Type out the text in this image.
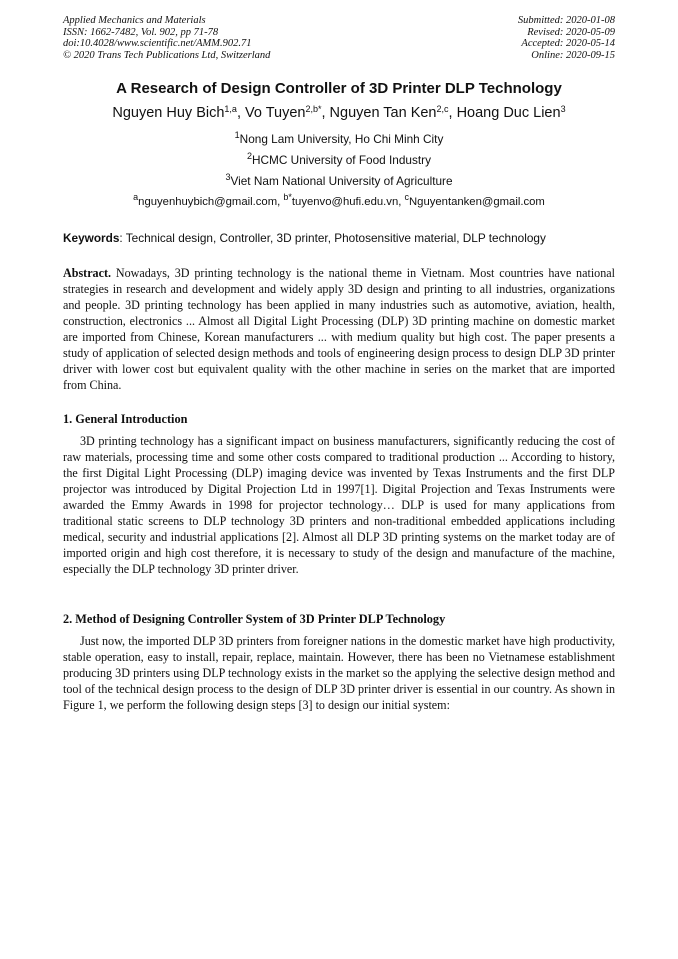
Applied Mechanics and Materials
ISSN: 1662-7482, Vol. 902, pp 71-78
doi:10.4028/www.scientific.net/AMM.902.71
© 2020 Trans Tech Publications Ltd, Switzerland
Submitted: 2020-01-08
Revised: 2020-05-09
Accepted: 2020-05-14
Online: 2020-09-15
A Research of Design Controller of 3D Printer DLP Technology
Nguyen Huy Bich$^{1,a}$, Vo Tuyen$^{2,b*}$, Nguyen Tan Ken$^{2,c}$, Hoang Duc Lien$^3$
$^1$Nong Lam University, Ho Chi Minh City
$^2$HCMC University of Food Industry
$^3$Viet Nam National University of Agriculture
$^a$nguyenhuybich@gmail.com, $^{b*}$tuyenvo@hufi.edu.vn, $^c$Nguyentanken@gmail.com
Keywords: Technical design, Controller, 3D printer, Photosensitive material, DLP technology
Abstract. Nowadays, 3D printing technology is the national theme in Vietnam. Most countries have national strategies in research and development and widely apply 3D design and printing to all industries, organizations and people. 3D printing technology has been applied in many industries such as automotive, aviation, health, construction, electronics ... Almost all Digital Light Processing (DLP) 3D printing machine on domestic market are imported from Chinese, Korean manufacturers ... with medium quality but high cost. The paper presents a study of application of selected design methods and tools of engineering design process to design DLP 3D printer driver with lower cost but equivalent quality with the other machine in series on the market that are imported from China.
1. General Introduction
3D printing technology has a significant impact on business manufacturers, significantly reducing the cost of raw materials, processing time and some other costs compared to traditional production ... According to history, the first Digital Light Processing (DLP) imaging device was invented by Texas Instruments and the first DLP projector was introduced by Digital Projection Ltd in 1997[1]. Digital Projection and Texas Instruments were awarded the Emmy Awards in 1998 for projector technology… DLP is used for many applications from traditional static screens to DLP technology 3D printers and non-traditional embedded applications including medical, security and industrial applications [2]. Almost all DLP 3D printing systems on the market today are of imported origin and high cost therefore, it is necessary to study of the design and manufacture of the machine, especially the DLP technology 3D printer driver.
2. Method of Designing Controller System of 3D Printer DLP Technology
Just now, the imported DLP 3D printers from foreigner nations in the domestic market have high productivity, stable operation, easy to install, repair, replace, maintain. However, there has been no Vietnamese establishment producing 3D printers using DLP technology exists in the market so the applying the selective design method and tool of the technical design process to the design of DLP 3D printer driver is essential in our country. As shown in Figure 1, we perform the following design steps [3] to design our initial system:
